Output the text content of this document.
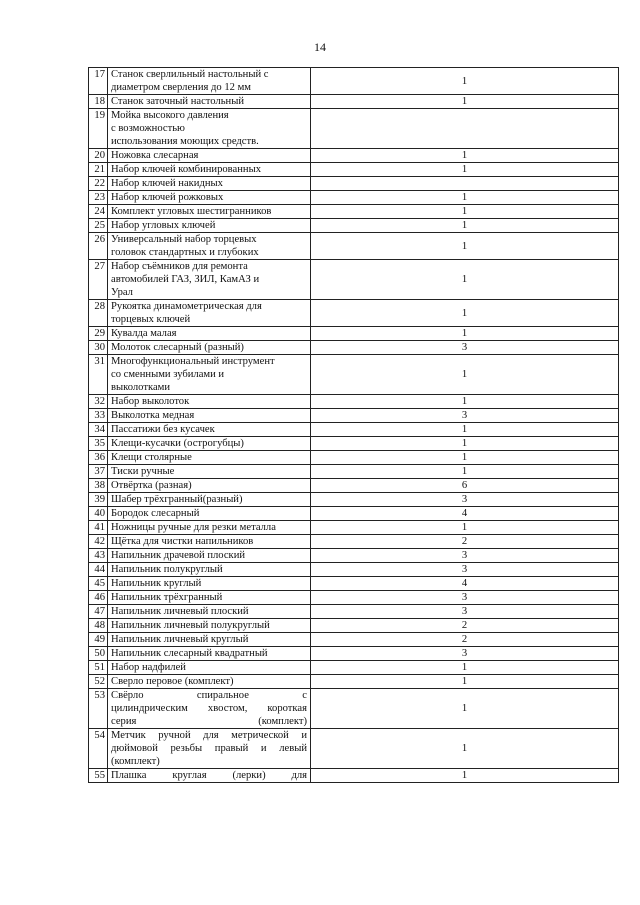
14
17	Станок сверлильный настольный с
диаметром сверления до 12 мм	1
18	Станок заточный настольный	1
19	Мойка высокого давления
с возможностью
использования моющих средств.	
20	Ножовка слесарная	1
21	Набор ключей комбинированных	1
22	Набор ключей накидных	
23	Набор ключей рожковых	1
24	Комплект угловых шестигранников	1
25	Набор угловых ключей	1
26	Универсальный набор торцевых
головок стандартных и глубоких	1
27	Набор съёмников для ремонта
автомобилей ГАЗ, ЗИЛ, КамАЗ и
Урал	1
28	Рукоятка динамометрическая для
торцевых ключей	1
29	Кувалда малая	1
30	Молоток слесарный (разный)	3
31	Многофункциональный инструмент
со сменными зубилами и
выколотками	1
32	Набор выколоток	1
33	Выколотка медная	3
34	Пассатижи без кусачек	1
35	Клещи-кусачки (острогубцы)	1
36	Клещи столярные	1
37	Тиски ручные	1
38	Отвёртка (разная)	6
39	Шабер трёхгранный(разный)	3
40	Бородок слесарный	4
41	Ножницы ручные для резки металла	1
42	Щётка для чистки напильников	2
43	Напильник драчевой плоский	3
44	Напильник полукруглый	3
45	Напильник круглый	4
46	Напильник трёхгранный	3
47	Напильник личневый плоский	3
48	Напильник личневый полукруглый	2
49	Напильник личневый круглый	2
50	Напильник слесарный квадратный	3
51	Набор надфилей	1
52	Сверло перовое (комплект)	1
53	Свёрло спиральное с
цилиндрическим хвостом, короткая
серия (комплект)	1
54	Метчик ручной для метрической и
дюймовой резьбы правый и левый
(комплект)	1
55	Плашка круглая (лерки) для	1
